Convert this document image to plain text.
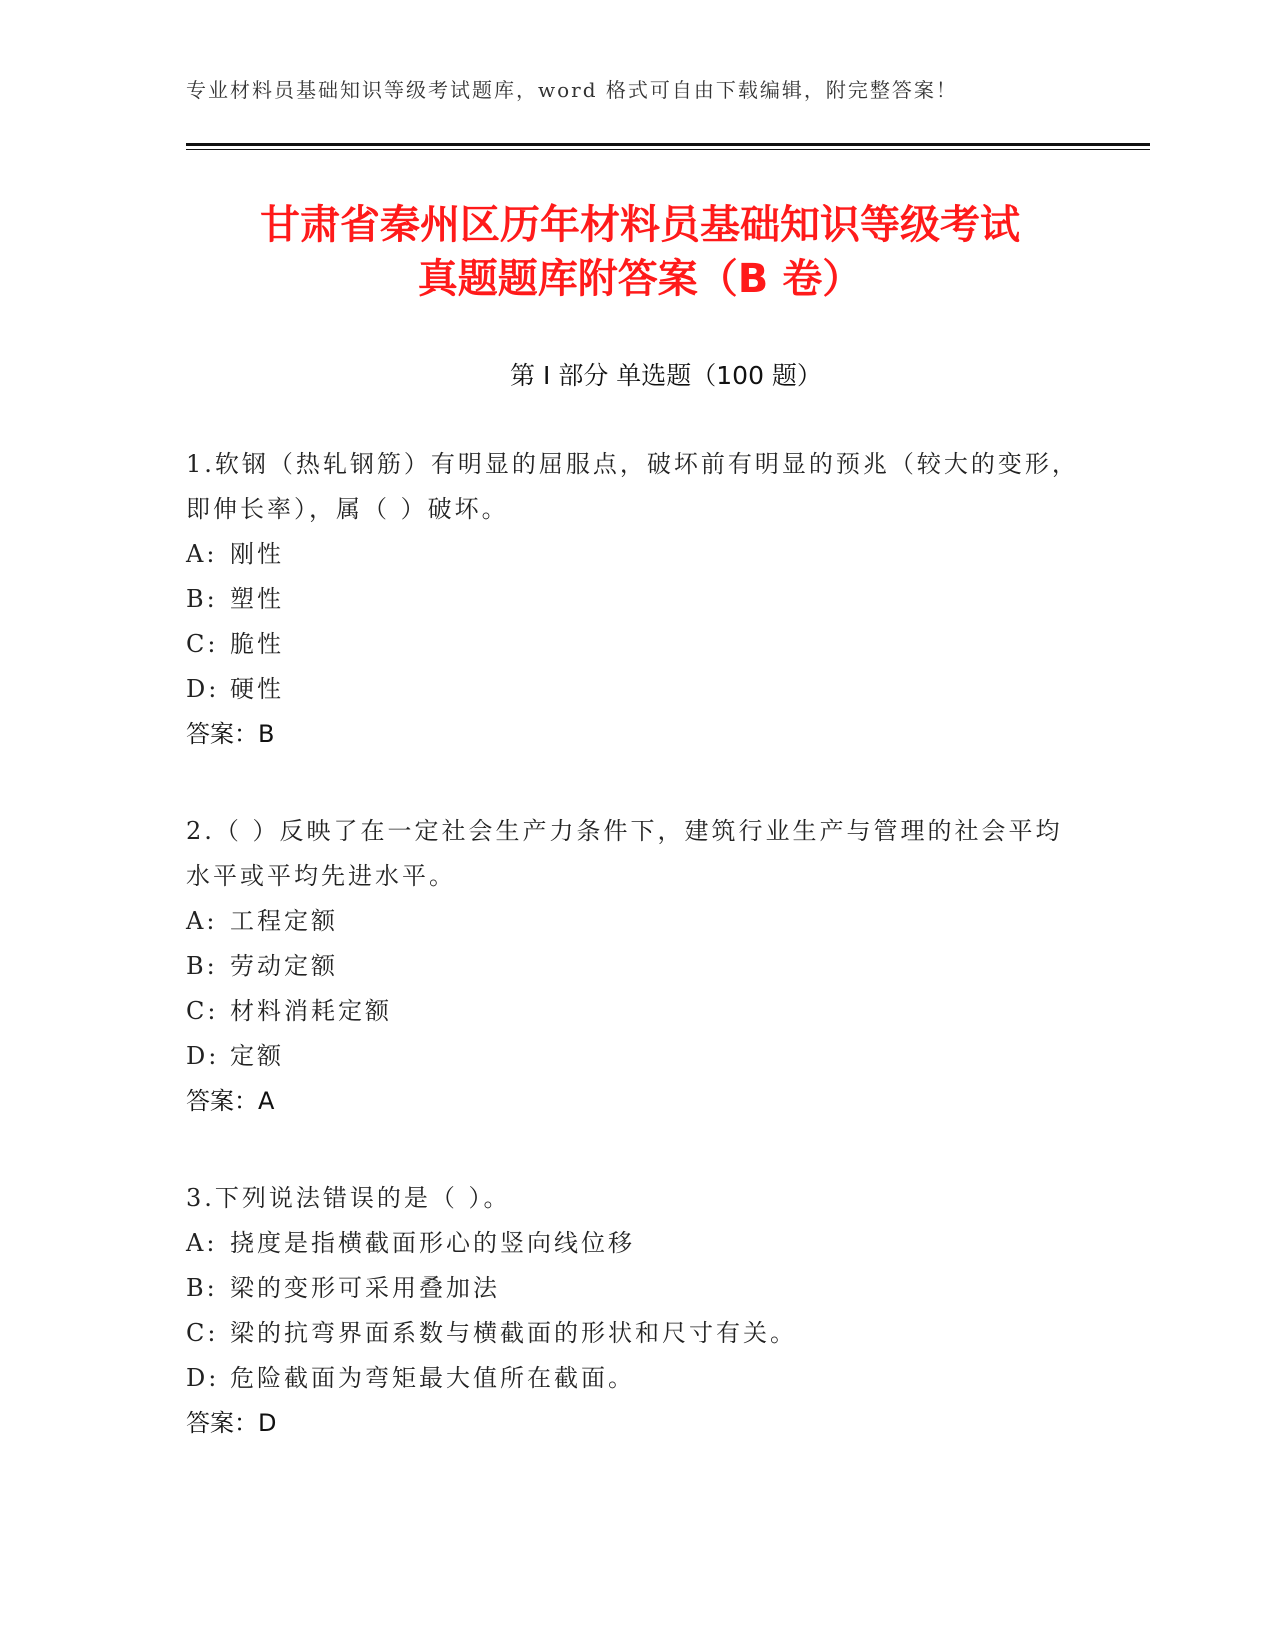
专业材料员基础知识等级考试题库，word 格式可自由下载编辑，附完整答案！
甘肃省秦州区历年材料员基础知识等级考试
真题题库附答案（B 卷）
第 I 部分 单选题（100 题）
1.软钢（热轧钢筋）有明显的屈服点，破坏前有明显的预兆（较大的变形，即伸长率），属（ ）破坏。
A: 刚性
B: 塑性
C: 脆性
D: 硬性
答案：B
2.（ ）反映了在一定社会生产力条件下，建筑行业生产与管理的社会平均水平或平均先进水平。
A: 工程定额
B: 劳动定额
C: 材料消耗定额
D: 定额
答案：A
3.下列说法错误的是（ ）。
A: 挠度是指横截面形心的竖向线位移
B: 梁的变形可采用叠加法
C: 梁的抗弯界面系数与横截面的形状和尺寸有关。
D: 危险截面为弯矩最大值所在截面。
答案：D
